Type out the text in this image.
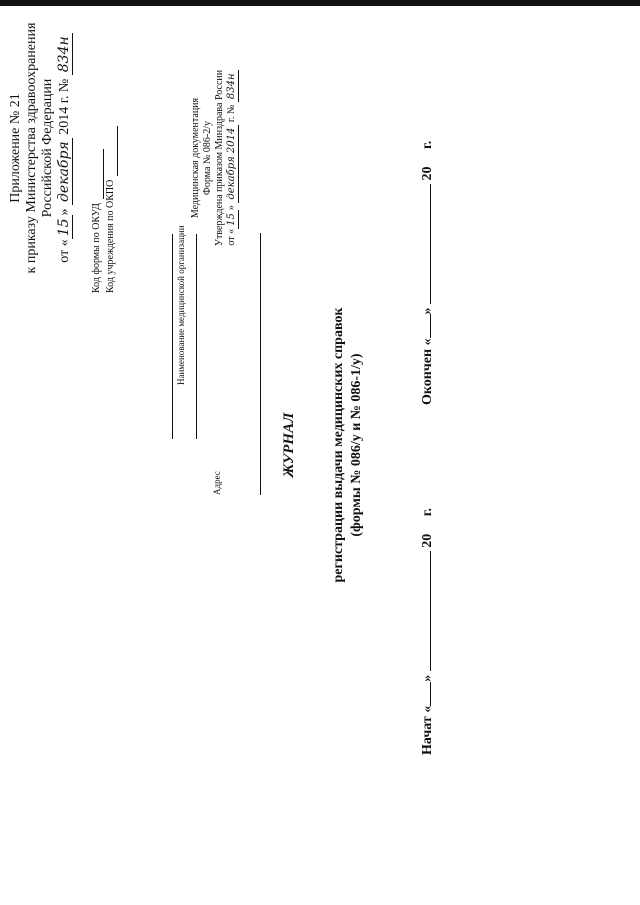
Приложение № 21 к приказу Министерства здравоохранения Российской Федерации
от «15» декабря 2014 г. № 834н
Код формы по ОКУД Код учреждения по ОКПО
Медицинская документация Форма № 086-2/у Утверждена приказом Минздрава России от «15» декабря 2014 г. № 834н
Наименование медицинской организации
Адрес
ЖУРНАЛ регистрации выдачи медицинских справок (формы № 086/у и № 086-1/у)
Начат «»  20     г.
Окончен «»  20     г.
